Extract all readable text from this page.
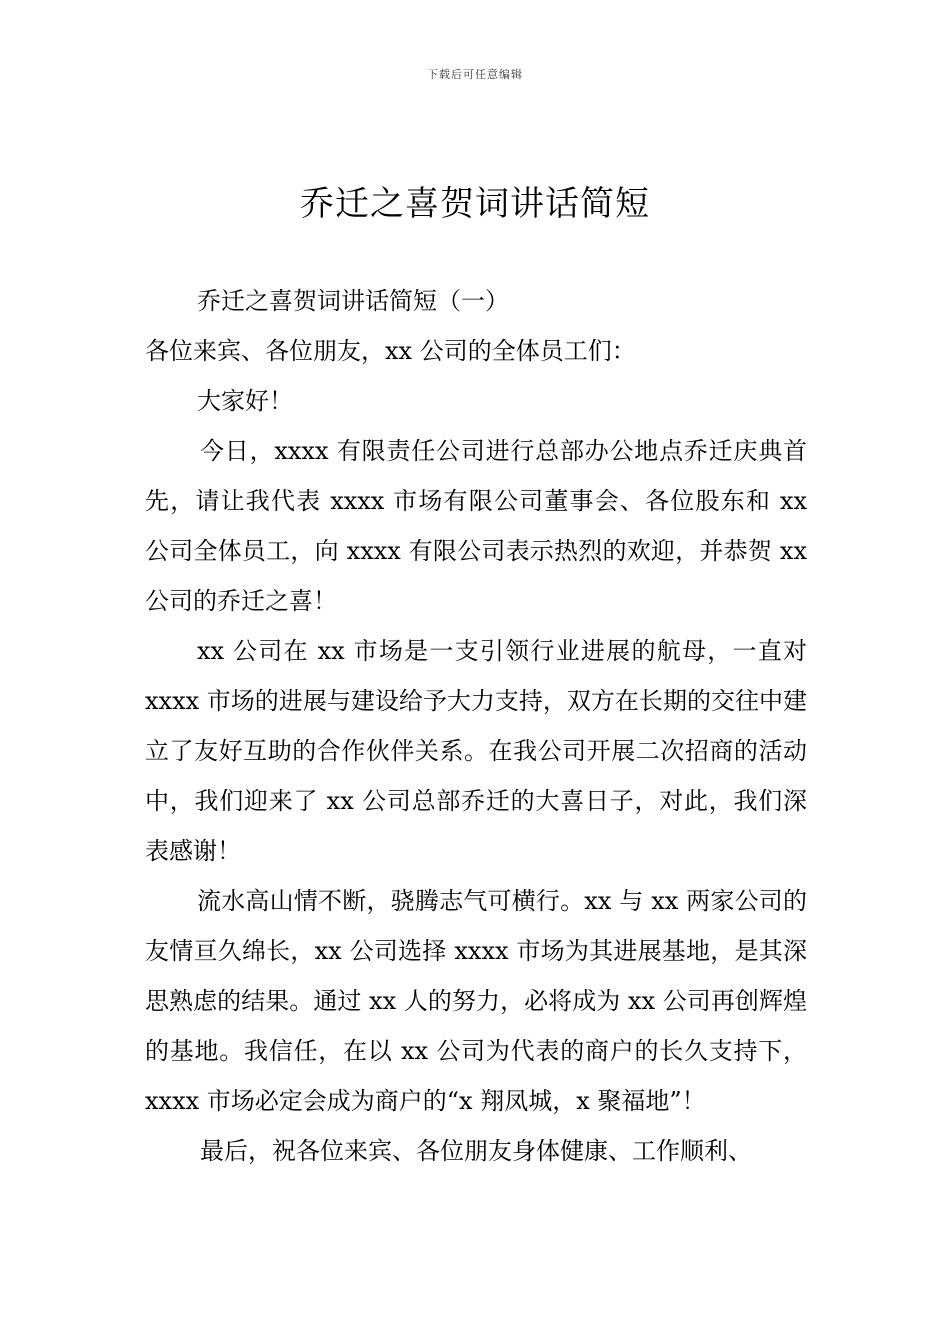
下载后可任意编辑
乔迁之喜贺词讲话简短

乔迁之喜贺词讲话简短（一）

各位来宾、各位朋友，xx 公司的全体员工们：

大家好！

今日，xxxx 有限责任公司进行总部办公地点乔迁庆典首先，请让我代表 xxxx 市场有限公司董事会、各位股东和 xx 公司全体员工，向 xxxx 有限公司表示热烈的欢迎，并恭贺 xx 公司的乔迁之喜！

xx 公司在 xx 市场是一支引领行业进展的航母，一直对 xxxx 市场的进展与建设给予大力支持，双方在长期的交往中建立了友好互助的合作伙伴关系。在我公司开展二次招商的活动中，我们迎来了 xx 公司总部乔迁的大喜日子，对此，我们深表感谢！

流水高山情不断，骁腾志气可横行。xx 与 xx 两家公司的友情亘久绵长，xx 公司选择 xxxx 市场为其进展基地，是其深思熟虑的结果。通过 xx 人的努力，必将成为 xx 公司再创辉煌的基地。我信任，在以 xx 公司为代表的商户的长久支持下，xxxx 市场必定会成为商户的“x 翔凤城，x 聚福地”！

最后，祝各位来宾、各位朋友身体健康、工作顺利、
